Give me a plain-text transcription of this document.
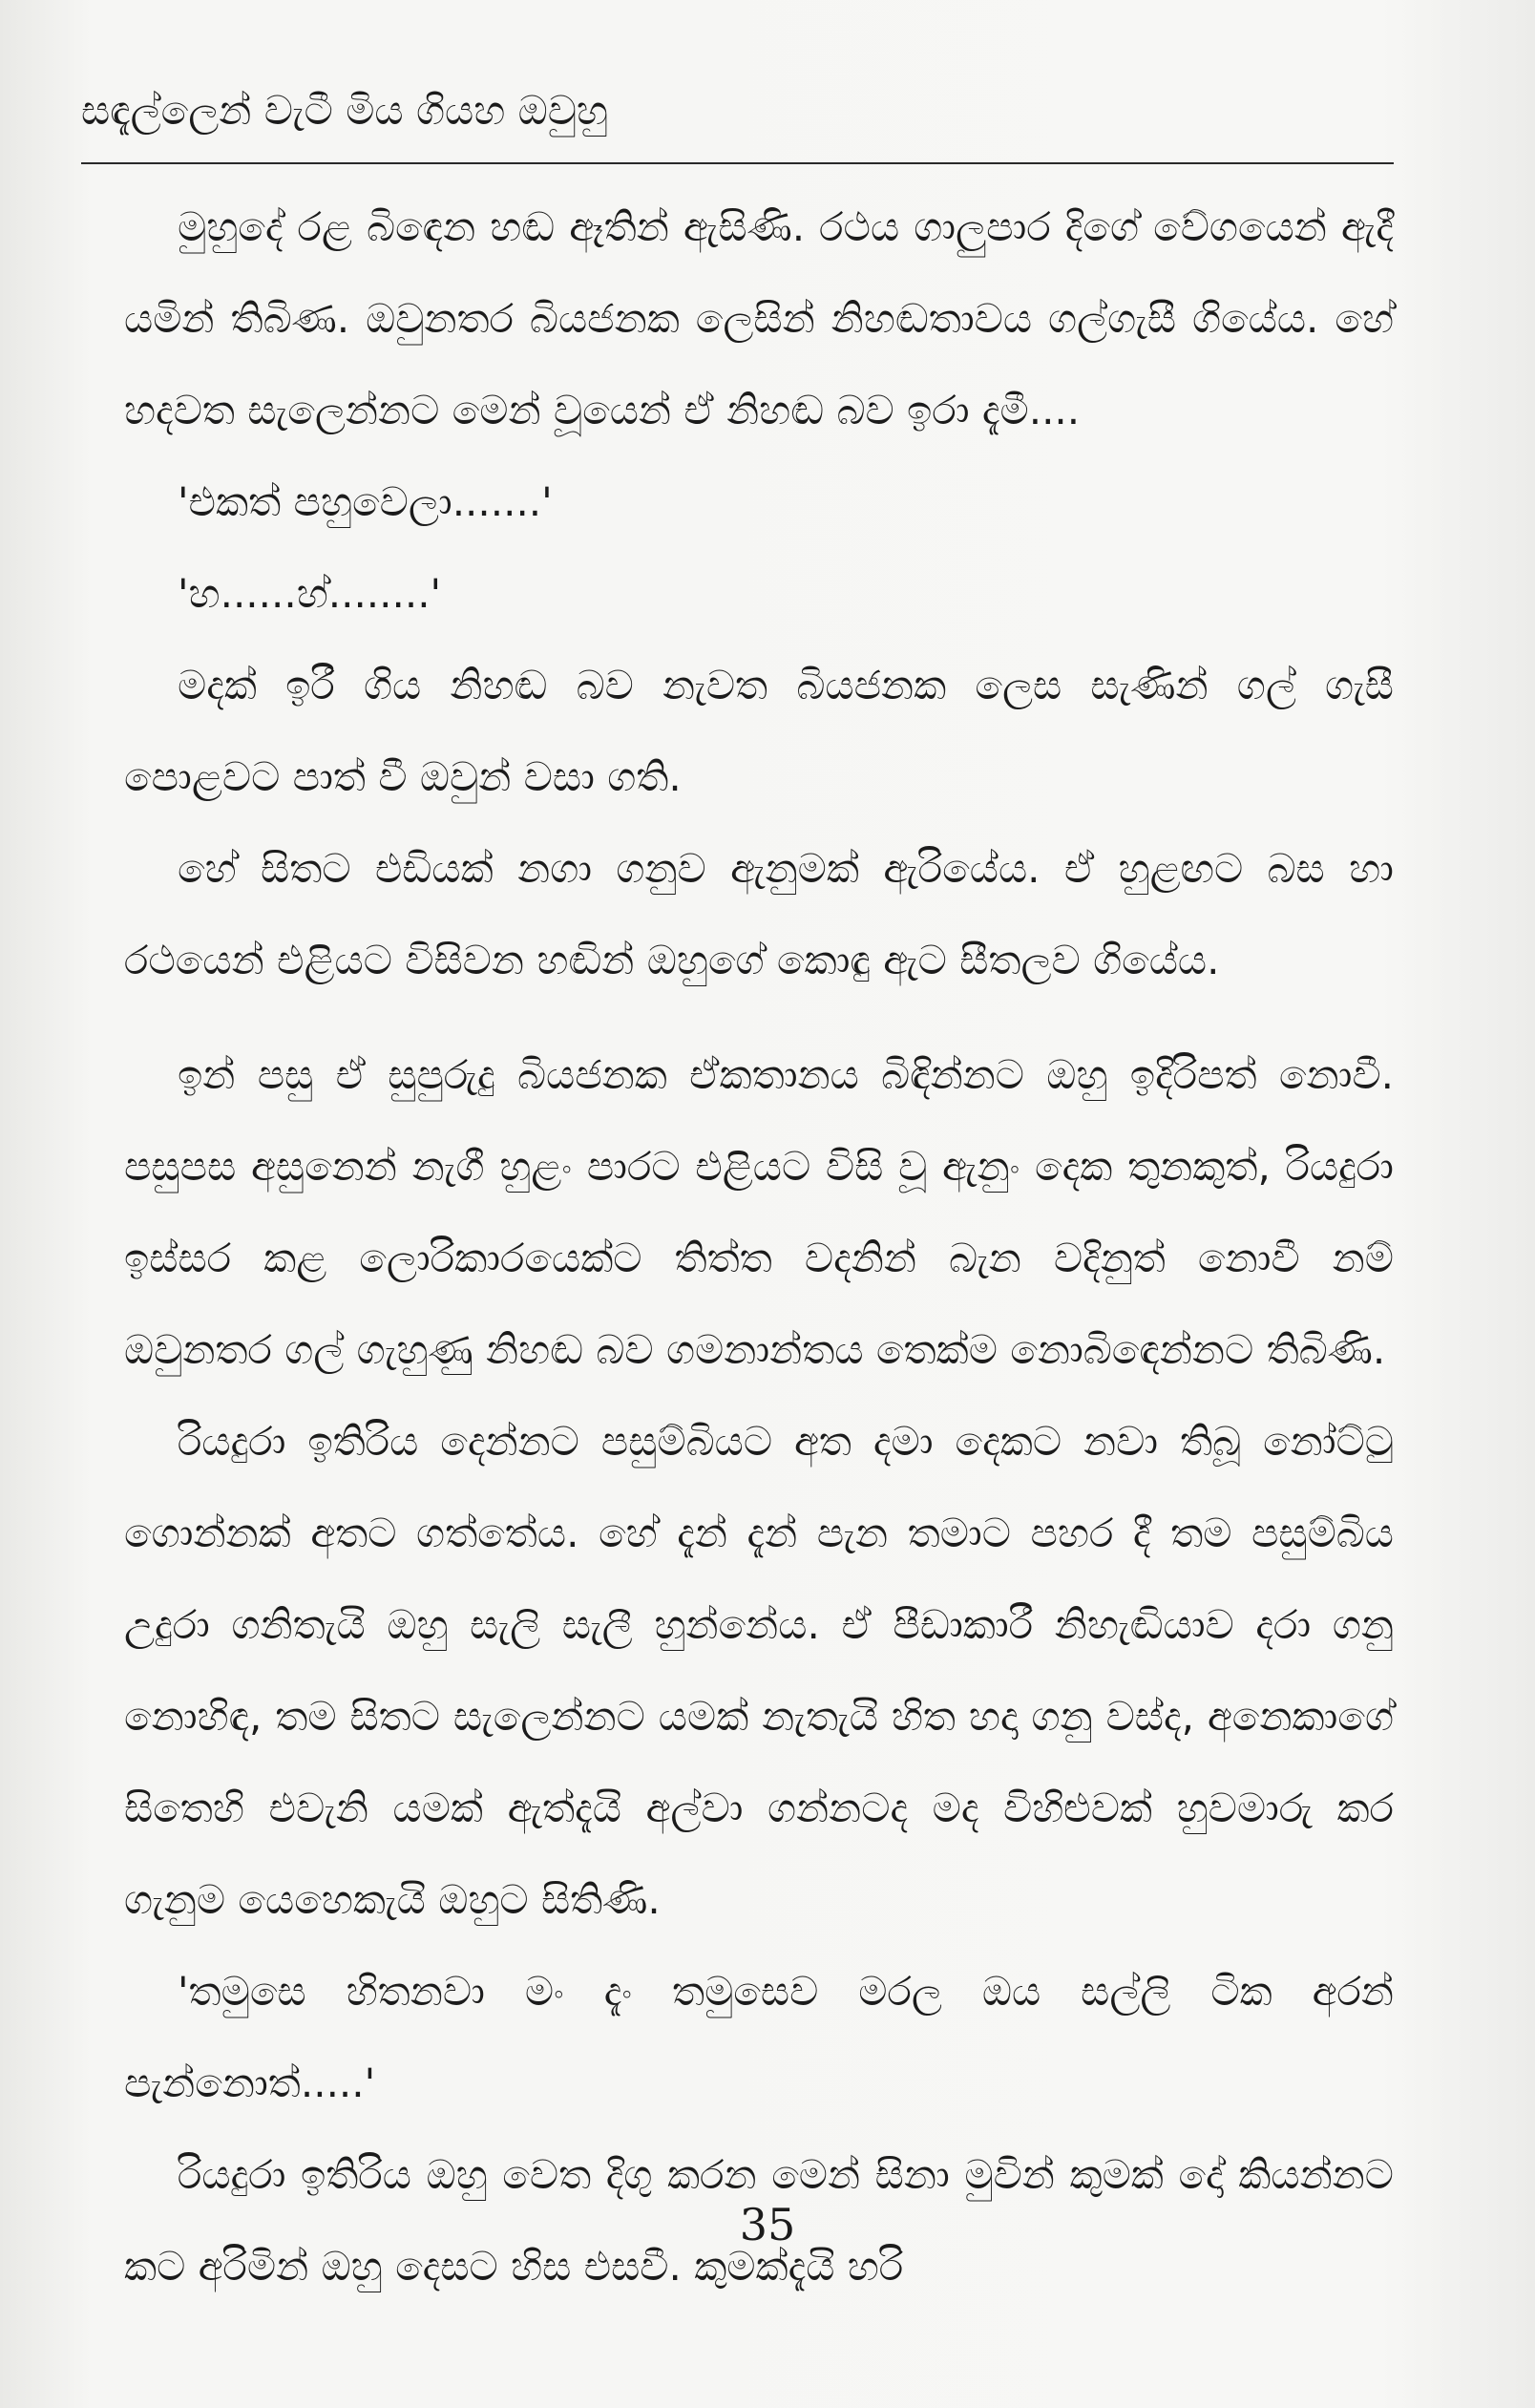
සඳැල්ලෙන් වැටී මිය ගියහ ඔවුහු

මුහුදේ රළ බිඳෙන හඬ ඈතින් ඇසිණි. රථය ගාලුපාර දිගේ වේගයෙන් ඇදී යමින් තිබිණ. ඔවුනතර බියජනක ලෙසින් නිහඬතාවය ගල්ගැසී ගියේය. හේ හදවත සැලෙන්නට මෙන් වූයෙන් ඒ නිහඬ බව ඉරා දැමී....

'එකත් පහුවෙලා.......'

'හ......හ්........'

මදක් ඉරී ගිය නිහඬ බව නැවත බියජනක ලෙස සැණින් ගල් ගැසී පොළවට පාත් වී ඔවුන් වසා ගති.

හේ සිතට එඩියක් නගා ගනුව ඇනුමක් ඇරියේය. ඒ හුළඟට බස හා රථයෙන් එළියට විසිවන හඬින් ඔහුගේ කොඳු ඇට සීතලව ගියේය.

ඉන් පසු ඒ සුපුරුදු බියජනක ඒකතානය බිඳින්නට ඔහු ඉදිරිපත් නොවී. පසුපස අසුනෙන් නැගී හුළං පාරට එළියට විසි වූ ඇනුං දෙක තුනකුත්, රියදුරා ඉස්සර කළ ලොරිකාරයෙක්ට තිත්ත වදනින් බැන වදිනුත් නොවී නම් ඔවුනතර ගල් ගැහුණු නිහඬ බව ගමනාන්තය තෙක්ම නොබිඳෙන්නට තිබිණි.

රියදුරා ඉතිරිය දෙන්නට පසුම්බියට අත දමා දෙකට නවා තිබූ නෝට්ටු ගොන්නක් අතට ගත්තේය. හේ දැන් දැන් පැන තමාට පහර දී තම පසුම්බිය උදුරා ගනිතැයි ඔහු සැලි සැලී හුන්නේය. ඒ පීඩාකාරී නිහැඬියාව දරා ගනු නොහිඳ, තම සිතට සැලෙන්නට යමක් නැතැයි හිත හදා ගනු වස්ද, අනෙකාගේ සිතෙහි එවැනි යමක් ඇත්දැයි අල්වා ගන්නටද මද විහිළුවක් හුවමාරු කර ගැනුම යෙහෙකැයි ඔහුට සිතිණි.

'තමුසෙ හිතනවා මං දැං තමුසෙව මරල ඔය සල්ලි ටික අරන් පැන්නොත්.....'

රියදුරා ඉතිරිය ඔහු වෙත දිගු කරන මෙන් සිනා මුවින් කුමක් දෝ කියන්නට කට අරිමින් ඔහු දෙසට හිස එසවී. කුමක්දැයි හරි

35
